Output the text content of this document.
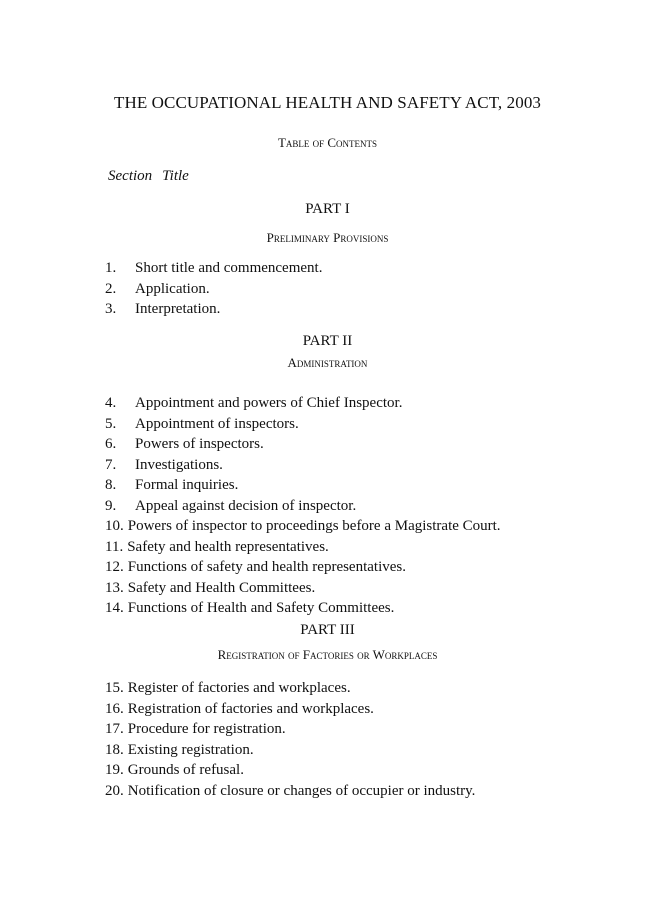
THE OCCUPATIONAL HEALTH AND SAFETY ACT, 2003
Table of Contents
Section Title
PART I
Preliminary Provisions
1. Short title and commencement.
2. Application.
3. Interpretation.
PART II
Administration
4. Appointment and powers of Chief Inspector.
5. Appointment of inspectors.
6. Powers of inspectors.
7. Investigations.
8. Formal inquiries.
9. Appeal against decision of inspector.
10. Powers of inspector to proceedings before a Magistrate Court.
11. Safety and health representatives.
12. Functions of safety and health representatives.
13. Safety and Health Committees.
14. Functions of Health and Safety Committees.
PART III
Registration of Factories or Workplaces
15. Register of factories and workplaces.
16. Registration of factories and workplaces.
17. Procedure for registration.
18. Existing registration.
19. Grounds of refusal.
20. Notification of closure or changes of occupier or industry.
